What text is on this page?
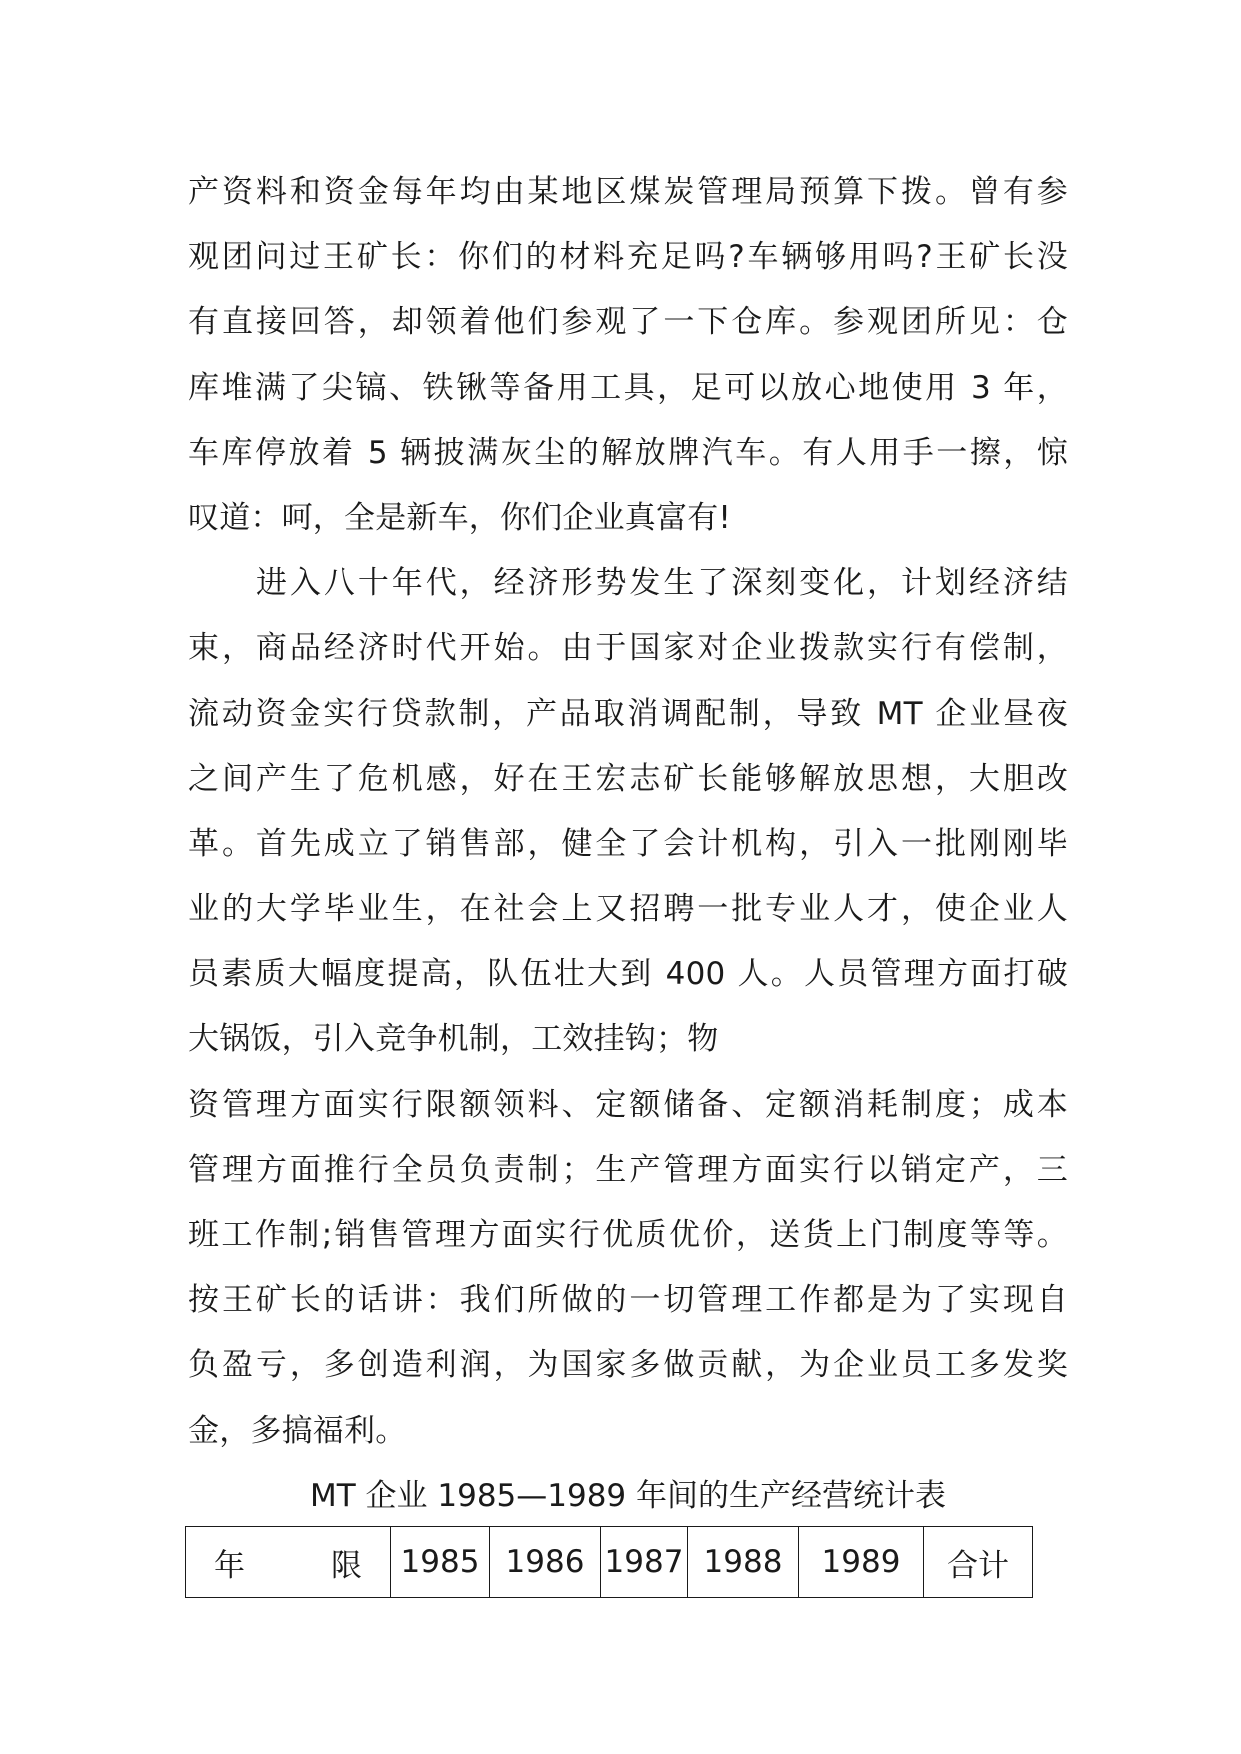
产资料和资金每年均由某地区煤炭管理局预算下拨。曾有参
观团问过王矿长：你们的材料充足吗?车辆够用吗?王矿长没
有直接回答，却领着他们参观了一下仓库。参观团所见：仓
库堆满了尖镐、铁锹等备用工具，足可以放心地使用 3 年，
车库停放着 5 辆披满灰尘的解放牌汽车。有人用手一擦，惊
叹道：呵，全是新车，你们企业真富有!
进入八十年代，经济形势发生了深刻变化，计划经济结
束，商品经济时代开始。由于国家对企业拨款实行有偿制，
流动资金实行贷款制，产品取消调配制，导致 MT 企业昼夜
之间产生了危机感，好在王宏志矿长能够解放思想，大胆改
革。首先成立了销售部，健全了会计机构，引入一批刚刚毕
业的大学毕业生，在社会上又招聘一批专业人才，使企业人
员素质大幅度提高，队伍壮大到 400 人。人员管理方面打破
大锅饭，引入竞争机制，工效挂钩；物
资管理方面实行限额领料、定额储备、定额消耗制度；成本
管理方面推行全员负责制；生产管理方面实行以销定产，三
班工作制;销售管理方面实行优质优价，送货上门制度等等。
按王矿长的话讲：我们所做的一切管理工作都是为了实现自
负盈亏，多创造利润，为国家多做贡献，为企业员工多发奖
金，多搞福利。
MT 企业 1985—1989 年间的生产经营统计表
年　　限	1985	1986	1987	1988	1989	合计
